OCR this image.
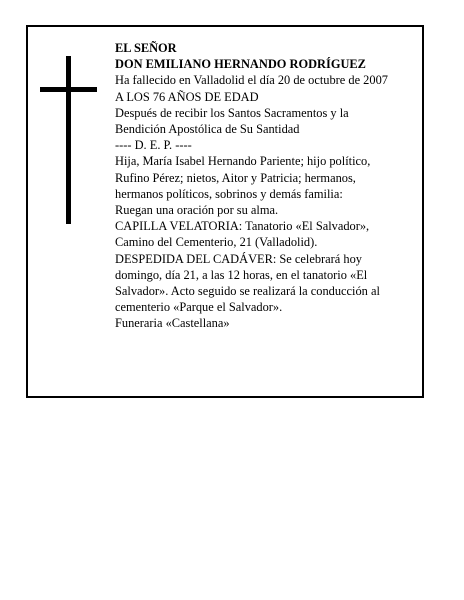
EL SEÑOR
DON EMILIANO HERNANDO RODRÍGUEZ
Ha fallecido en Valladolid el día 20 de octubre de 2007
A LOS 76 AÑOS DE EDAD
Después de recibir los Santos Sacramentos y la
Bendición Apostólica de Su Santidad
---- D. E. P. ----
Hija, María Isabel Hernando Pariente; hijo político,
Rufino Pérez; nietos, Aitor y Patricia; hermanos,
hermanos políticos, sobrinos y demás familia:
Ruegan una oración por su alma.
CAPILLA VELATORIA: Tanatorio «El Salvador»,
Camino del Cementerio, 21 (Valladolid).
DESPEDIDA DEL CADÁVER: Se celebrará hoy
domingo, día 21, a las 12 horas, en el tanatorio «El
Salvador». Acto seguido se realizará la conducción al
cementerio «Parque el Salvador».
Funeraria «Castellana»
